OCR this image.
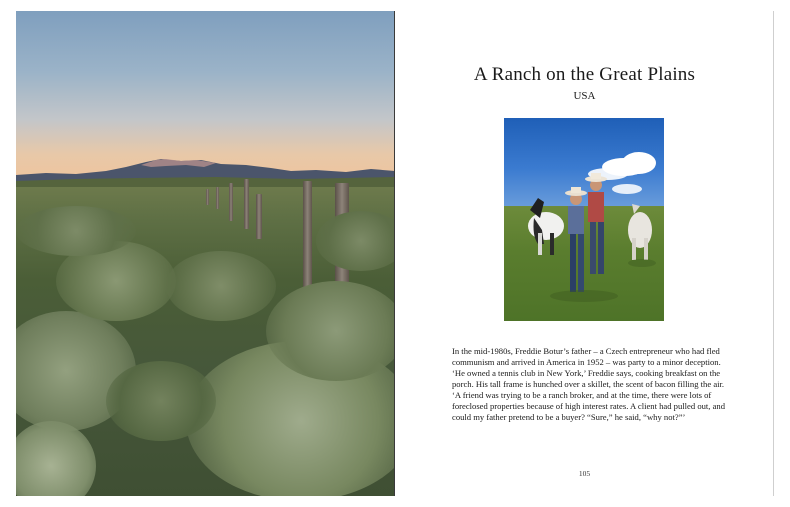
A Ranch on the Great Plains
USA
In the mid-1980s, Freddie Botur’s father – a Czech entrepreneur who had fled communism and arrived in America in 1952 – was party to a minor deception. ‘He owned a tennis club in New York,’ Freddie says, cooking breakfast on the porch. His tall frame is hunched over a skillet, the scent of bacon filling the air. ‘A friend was trying to be a ranch broker, and at the time, there were lots of foreclosed properties because of high interest rates. A client had pulled out, and could my father pretend to be a buyer? “Sure,” he said, “why not?”’
105
